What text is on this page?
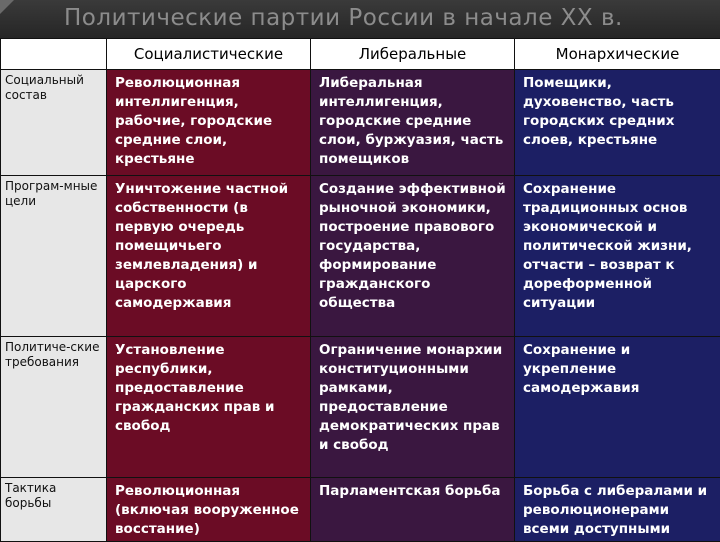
Политические партии России в начале XX в.
	Социалистические	Либеральные	Монархические
Социальный состав	Революционная интеллигенция, рабочие, городские средние слои, крестьяне	Либеральная интеллигенция, городские средние слои, буржуазия, часть помещиков	Помещики, духовенство, часть городских средних слоев, крестьяне
Програм-мные цели	Уничтожение частной собственности (в первую очередь помещичьего землевладения) и царского самодержавия	Создание эффективной рыночной экономики, построение правового государства, формирование гражданского общества	Сохранение традиционных основ экономической и политической жизни, отчасти – возврат к дореформенной ситуации
Политиче-ские требования	Установление республики, предоставление гражданских прав и свобод	Ограничение монархии конституционными рамками, предоставление демократических прав и свобод	Сохранение и укрепление самодержавия
Тактика борьбы	Революционная (включая вооруженное восстание)	Парламентская борьба	Борьба с либералами и революционерами всеми доступными
